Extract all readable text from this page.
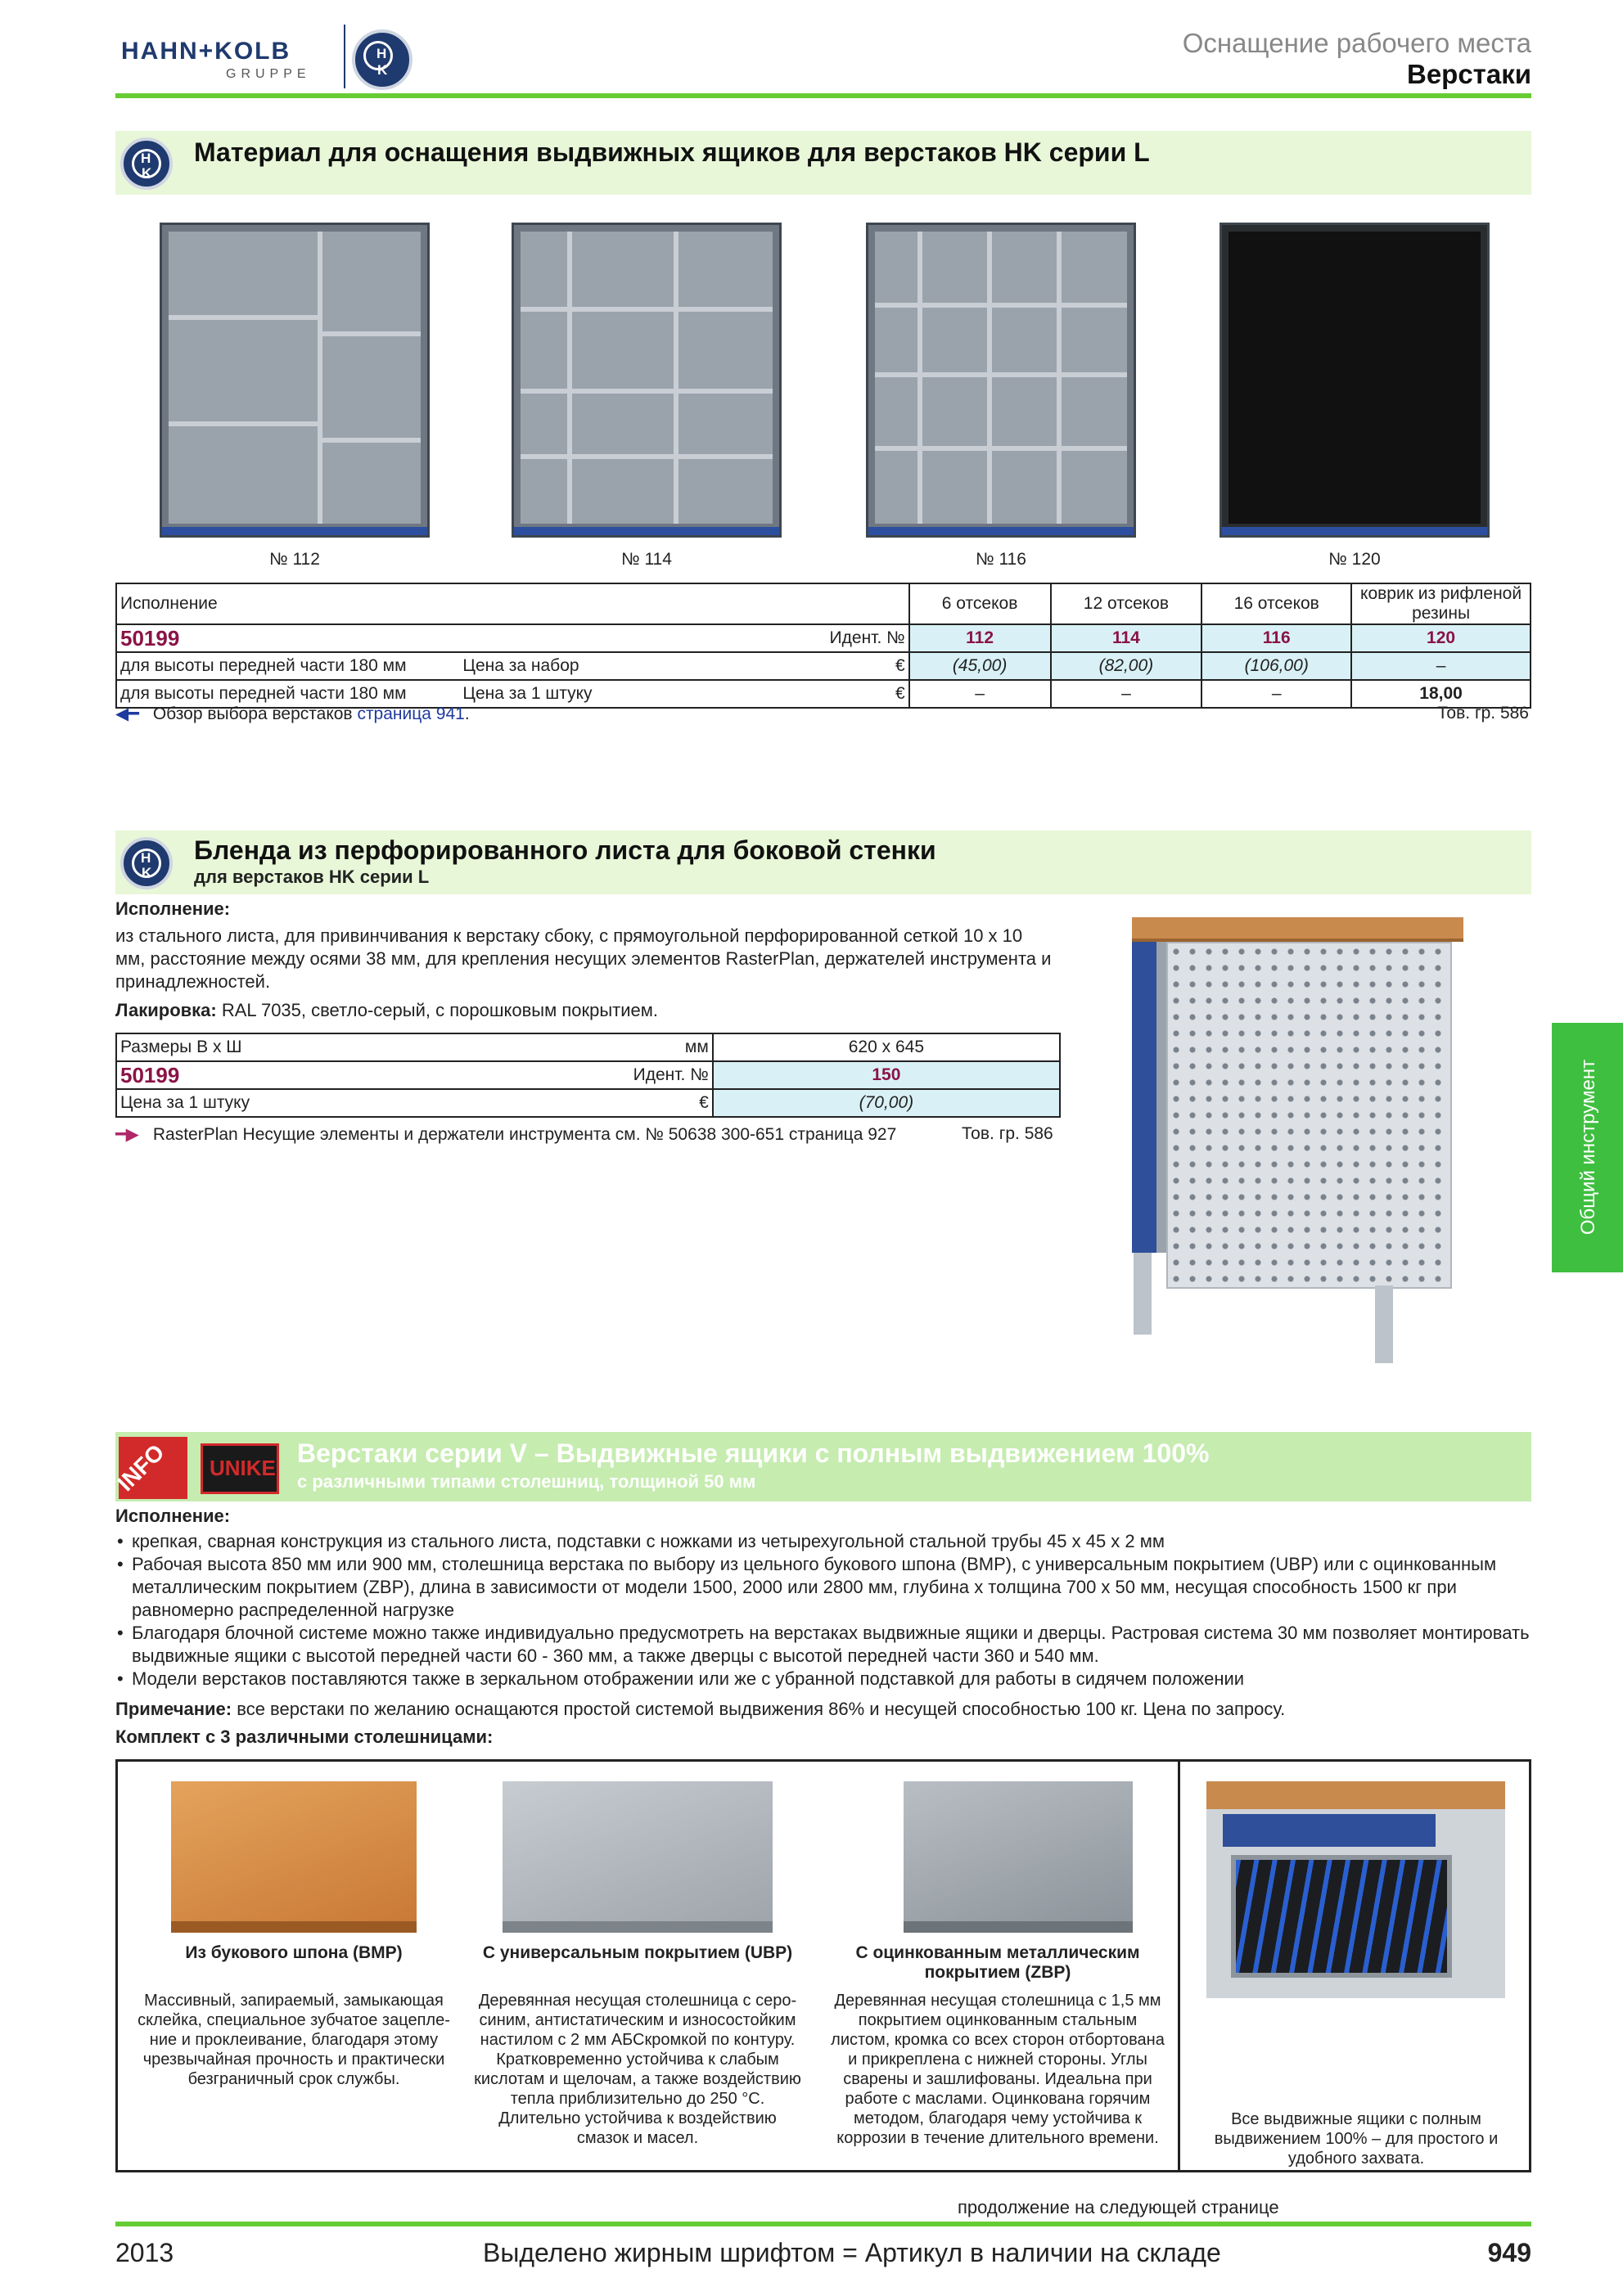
HAHN+KOLB
GRUPPE
H
K
Оснащение рабочего места
Верстаки
H
K
Материал для оснащения выдвижных ящиков для верстаков HK серии L
№ 112	№ 114	№ 116	№ 120
Исполнение			6 отсеков	12 отсеков	16 отсеков	коврик из рифленой резины
50199		Идент. №	112	114	116	120
для высоты передней части 180 мм	Цена за набор	€	(45,00)	(82,00)	(106,00)	–
для высоты передней части 180 мм	Цена за 1 штуку	€	–	–	–	18,00
◀━ Обзор выбора верстаков страница 941.	Тов. гр. 586
H
K
Бленда из перфорированного листа для боковой стенки
для верстаков HK серии L
Исполнение:
из стального листа, для привинчивания к верстаку сбоку, с прямоугольной перфорированной сеткой 10 x 10 мм, расстояние между осями 38 мм, для крепления несущих элементов RasterPlan, держателей инструмента и принадлежностей.
Лакировка: RAL 7035, светло-серый, с порошковым покрытием.
Размеры В x Ш	мм	620 x 645
50199	Идент. №	150
Цена за 1 штуку	€	(70,00)
━▶ RasterPlan Несущие элементы и держатели инструмента см. № 50638 300-651 страница 927	Тов. гр. 586	Общий инструмент
INFO UNIKE Верстаки серии V – Выдвижные ящики с полным выдвижением 100%
с различными типами столешниц, толщиной 50 мм
Исполнение:
• крепкая, сварная конструкция из стального листа, подставки с ножками из четырехугольной стальной трубы 45 x 45 x 2 мм
• Рабочая высота 850 мм или 900 мм, столешница верстака по выбору из цельного букового шпона (BMP), с универсальным покрытием (UBP) или с оцинкованным металлическим покрытием (ZBP), длина в зависимости от модели 1500, 2000 или 2800 мм, глубина x толщина 700 x 50 мм, несущая способность 1500 кг при равномерно распределенной нагрузке
• Благодаря блочной системе можно также индивидуально предусмотреть на верстаках выдвижные ящики и дверцы. Растровая система 30 мм позволяет монтировать выдвижные ящики с высотой передней части 60 - 360 мм, а также дверцы с высотой передней части 360 и 540 мм.
• Модели верстаков поставляются также в зеркальном отображении или же с убранной подставкой для работы в сидячем положении
Примечание: все верстаки по желанию оснащаются простой системой выдвижения 86% и несущей способностью 100 кг. Цена по запросу.
Комплект с 3 различными столешницами:
Из букового шпона (BMP)	С универсальным покрытием (UBP)	С оцинкованным металлическим покрытием (ZBP)
Массивный, запираемый, замыкающая склейка, специальное зубчатое зацепление и проклеивание, благодаря этому чрезвычайная прочность и практически безграничный срок службы.
Деревянная несущая столешница с серосиним, антистатическим и износостойким настилом с 2 мм АБСкромкой по контуру. Кратковременно устойчива к слабым кислотам и щелочам, а также воздействию тепла приблизительно до 250 °C. Длительно устойчива к воздействию смазок и масел.
Деревянная несущая столешница с 1,5 мм покрытием оцинкованным стальным листом, кромка со всех сторон отбортована и прикреплена с нижней стороны. Углы сварены и зашлифованы. Идеальна при работе с маслами. Оцинкована горячим методом, благодаря чему устойчива к коррозии в течение длительного времени.
Все выдвижные ящики с полным выдвижением 100% – для простого и удобного захвата.
продолжение на следующей странице
2013	Выделено жирным шрифтом = Артикул в наличии на складе	949
